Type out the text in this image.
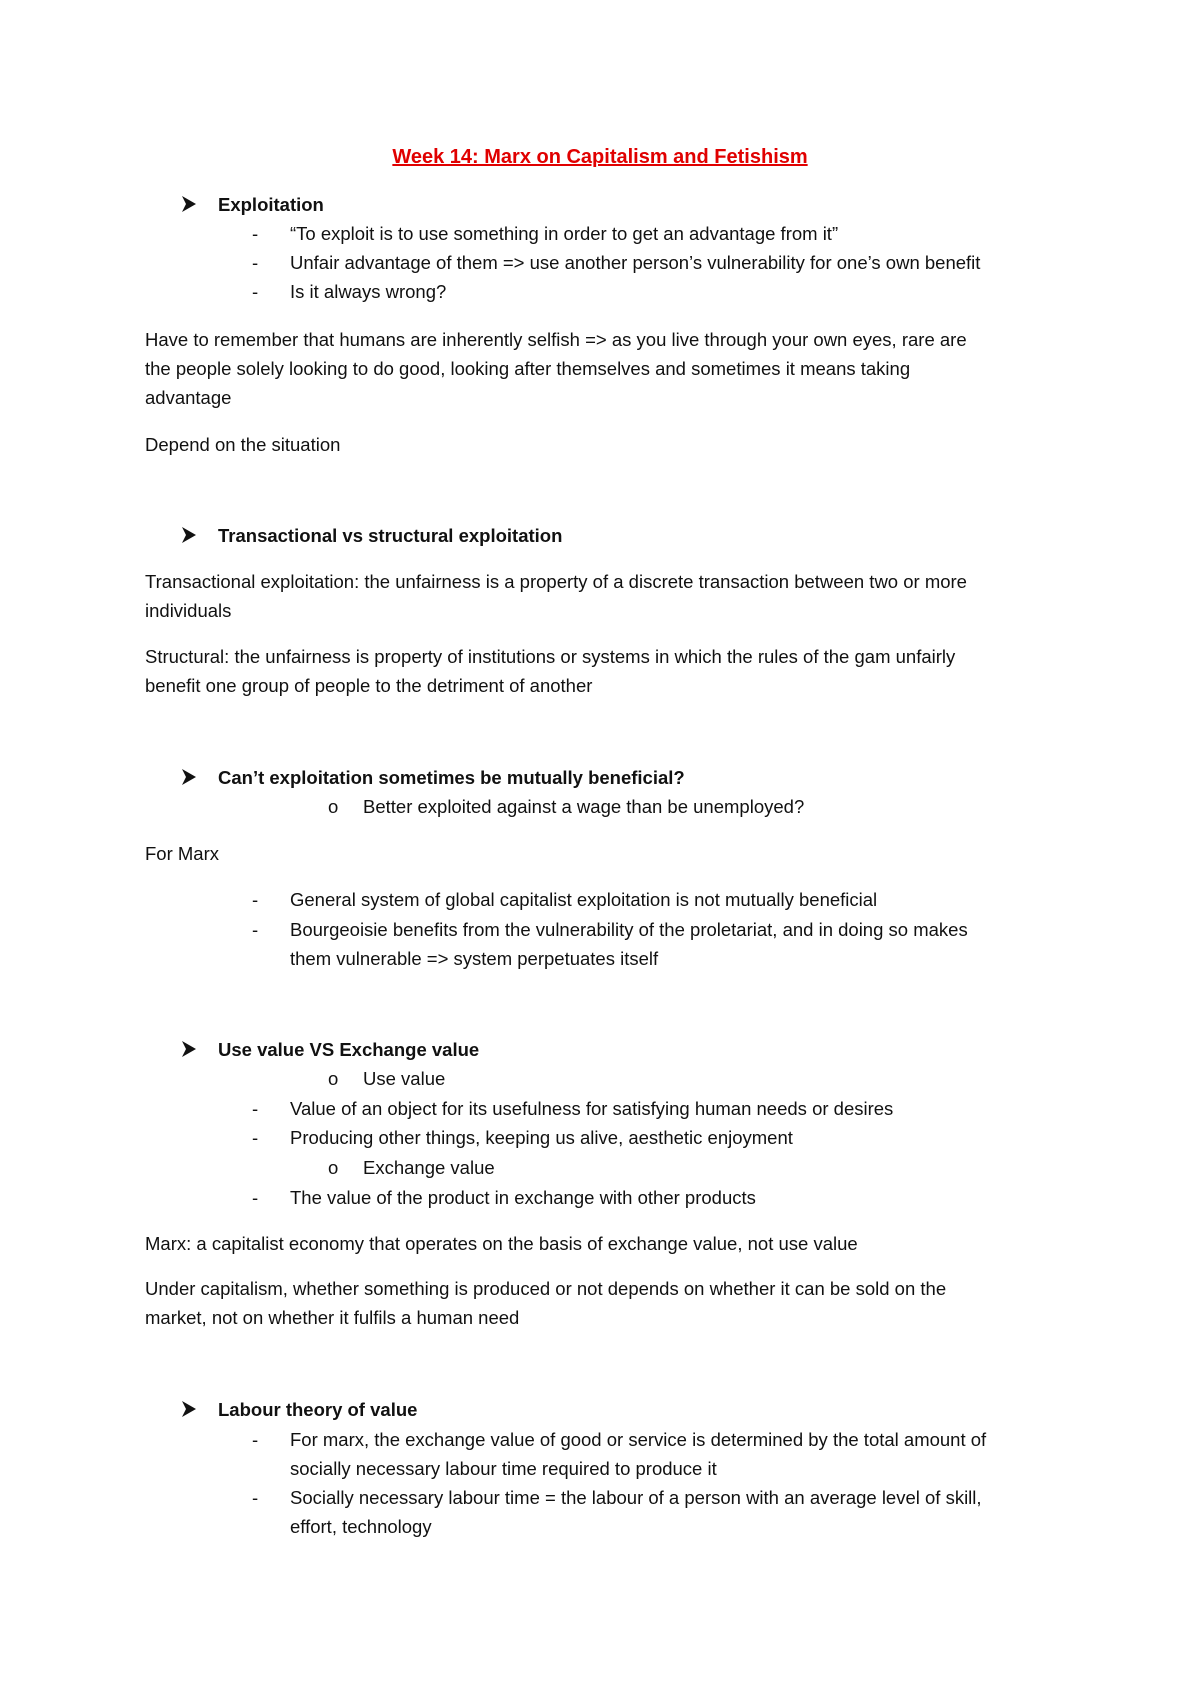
Week 14: Marx on Capitalism and Fetishism
Exploitation
- “To exploit is to use something in order to get an advantage from it”
- Unfair advantage of them => use another person’s vulnerability for one’s own benefit
- Is it always wrong?
Have to remember that humans are inherently selfish => as you live through your own eyes, rare are
the people solely looking to do good, looking after themselves and sometimes it means taking
advantage
Depend on the situation
Transactional vs structural exploitation
Transactional exploitation: the unfairness is a property of a discrete transaction between two or more
individuals
Structural: the unfairness is property of institutions or systems in which the rules of the gam unfairly
benefit one group of people to the detriment of another
Can’t exploitation sometimes be mutually beneficial?
o Better exploited against a wage than be unemployed?
For Marx
- General system of global capitalist exploitation is not mutually beneficial
- Bourgeoisie benefits from the vulnerability of the proletariat, and in doing so makes
them vulnerable => system perpetuates itself
Use value VS Exchange value
o Use value
- Value of an object for its usefulness for satisfying human needs or desires
- Producing other things, keeping us alive, aesthetic enjoyment
o Exchange value
- The value of the product in exchange with other products
Marx: a capitalist economy that operates on the basis of exchange value, not use value
Under capitalism, whether something is produced or not depends on whether it can be sold on the
market, not on whether it fulfils a human need
Labour theory of value
- For marx, the exchange value of good or service is determined by the total amount of
socially necessary labour time required to produce it
- Socially necessary labour time = the labour of a person with an average level of skill,
effort, technology
